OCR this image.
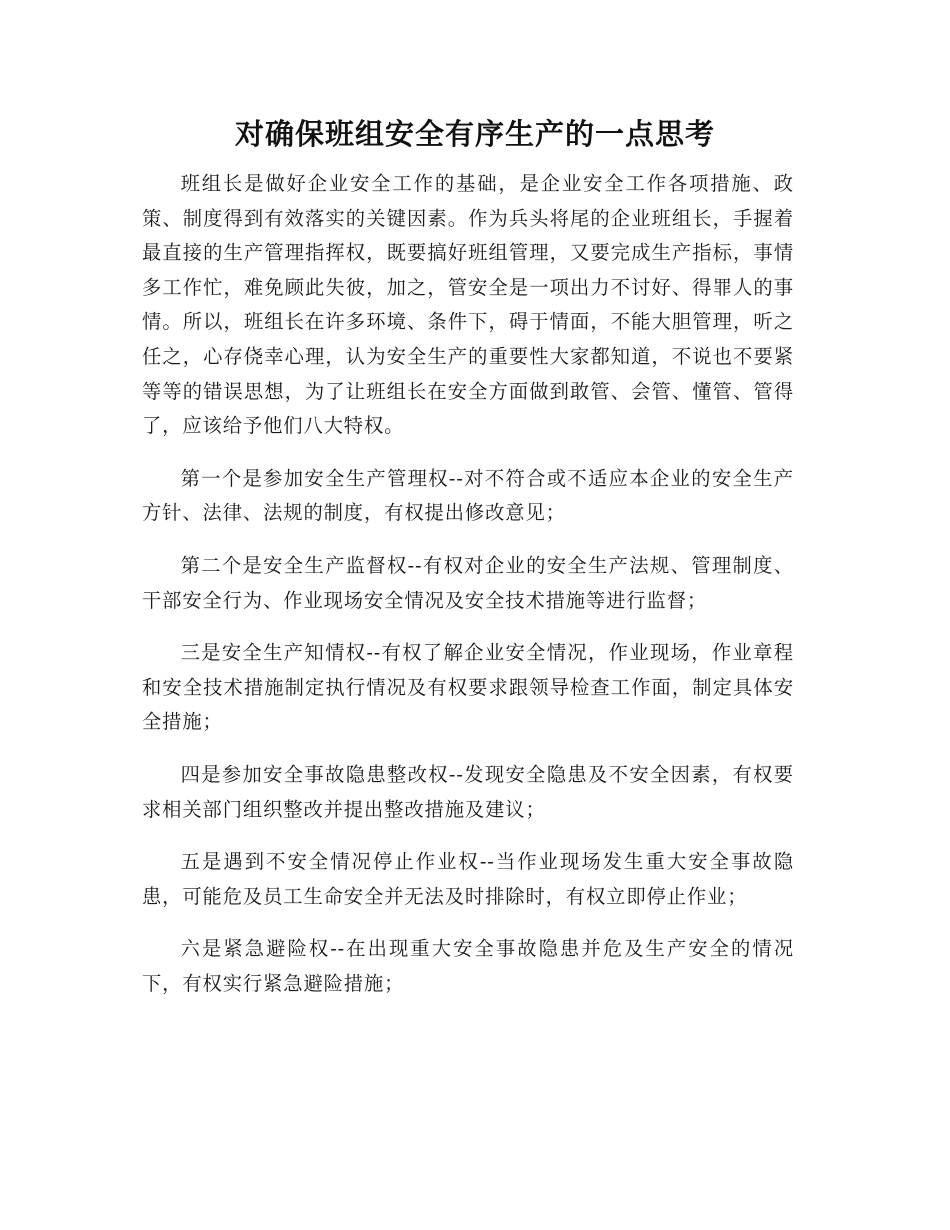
对确保班组安全有序生产的一点思考

班组长是做好企业安全工作的基础，是企业安全工作各项措施、政策、制度得到有效落实的关键因素。作为兵头将尾的企业班组长，手握着最直接的生产管理指挥权，既要搞好班组管理，又要完成生产指标，事情多工作忙，难免顾此失彼，加之，管安全是一项出力不讨好、得罪人的事情。所以，班组长在许多环境、条件下，碍于情面，不能大胆管理，听之任之，心存侥幸心理，认为安全生产的重要性大家都知道，不说也不要紧等等的错误思想，为了让班组长在安全方面做到敢管、会管、懂管、管得了，应该给予他们八大特权。

第一个是参加安全生产管理权--对不符合或不适应本企业的安全生产方针、法律、法规的制度，有权提出修改意见；

第二个是安全生产监督权--有权对企业的安全生产法规、管理制度、干部安全行为、作业现场安全情况及安全技术措施等进行监督；

三是安全生产知情权--有权了解企业安全情况，作业现场，作业章程和安全技术措施制定执行情况及有权要求跟领导检查工作面，制定具体安全措施；

四是参加安全事故隐患整改权--发现安全隐患及不安全因素，有权要求相关部门组织整改并提出整改措施及建议；

五是遇到不安全情况停止作业权--当作业现场发生重大安全事故隐患，可能危及员工生命安全并无法及时排除时，有权立即停止作业；

六是紧急避险权--在出现重大安全事故隐患并危及生产安全的情况下，有权实行紧急避险措施；
